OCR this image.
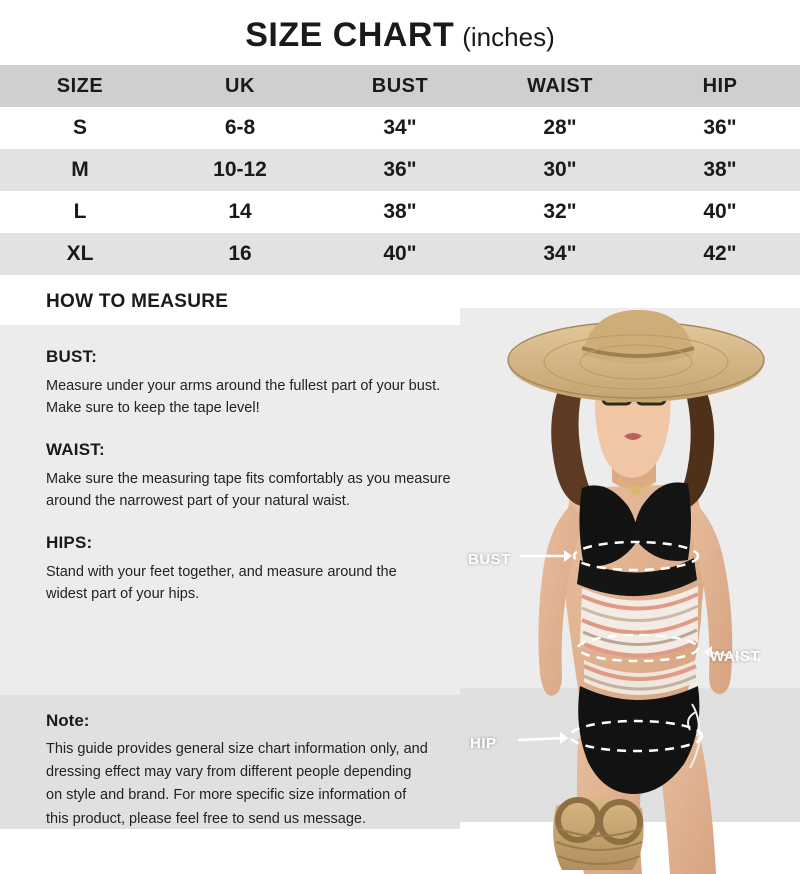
SIZE CHART (inches)
SIZE	UK	BUST	WAIST	HIP
S	6-8	34"	28"	36"
M	10-12	36"	30"	38"
L	14	38"	32"	40"
XL	16	40"	34"	42"
HOW TO MEASURE
BUST:
Measure under your arms around the fullest part of your bust.
Make sure to keep the tape level!
WAIST:
Make sure the measuring tape fits comfortably as you measure
around the narrowest part of your natural waist.
HIPS:
Stand with your feet together, and measure around the
widest part of your hips.
Note:
This guide provides general size chart information only, and
dressing effect may vary from different people depending
on style and brand. For more specific size information of
this product, please feel free to send us message.
BUST
WAIST
HIP
